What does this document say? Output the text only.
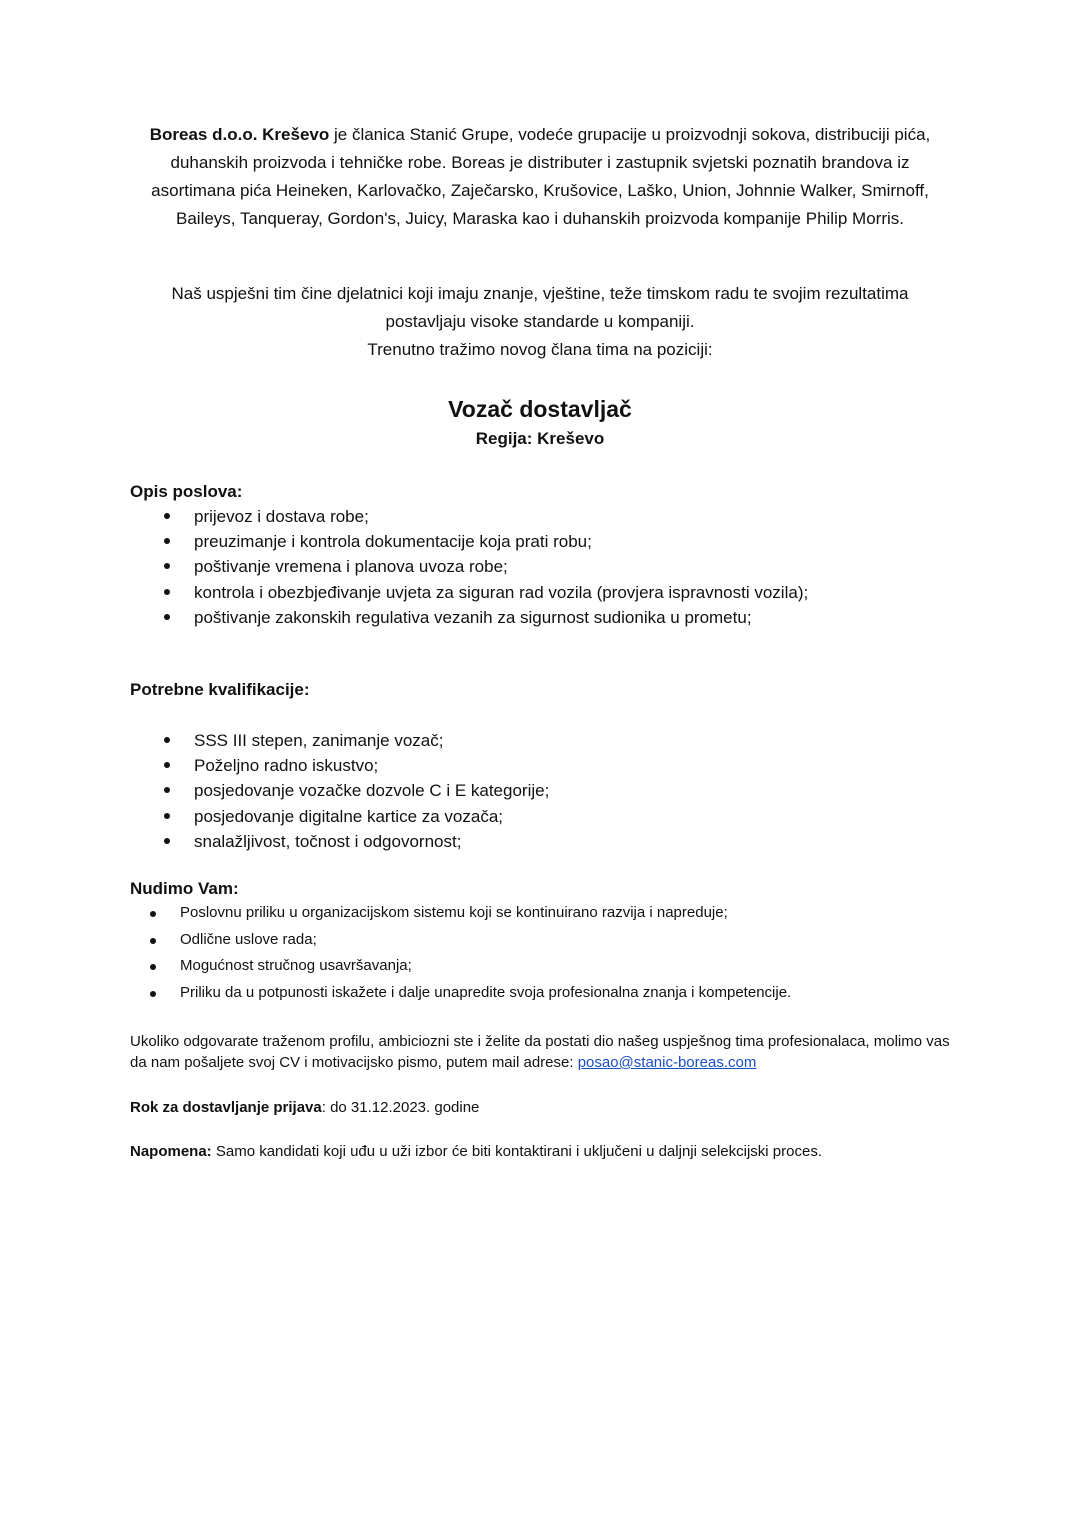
Boreas d.o.o. Kreševo je članica Stanić Grupe, vodeće grupacije u proizvodnji sokova, distribuciji pića, duhanskih proizvoda i tehničke robe. Boreas je distributer i zastupnik svjetski poznatih brandova iz asortimana pića Heineken, Karlovačko, Zaječarsko, Krušovice, Laško, Union, Johnnie Walker, Smirnoff, Baileys, Tanqueray, Gordon's, Juicy, Maraska kao i duhanskih proizvoda kompanije Philip Morris.
Naš uspješni tim čine djelatnici koji imaju znanje, vještine, teže timskom radu te svojim rezultatima postavljaju visoke standarde u kompaniji.
Trenutno tražimo novog člana tima na poziciji:
Vozač dostavljač
Regija: Kreševo
Opis poslova:
prijevoz i dostava robe;
preuzimanje i kontrola dokumentacije koja prati robu;
poštivanje vremena i planova uvoza robe;
kontrola i obezbjeđivanje uvjeta za siguran rad vozila (provjera ispravnosti vozila);
poštivanje zakonskih regulativa vezanih za sigurnost sudionika u prometu;
Potrebne kvalifikacije:
SSS III stepen, zanimanje vozač;
Poželjno radno iskustvo;
posjedovanje vozačke dozvole C i E kategorije;
posjedovanje digitalne kartice za vozača;
snalažljivost, točnost i odgovornost;
Nudimo Vam:
Poslovnu priliku u organizacijskom sistemu koji se kontinuirano razvija i napreduje;
Odlične uslove rada;
Mogućnost stručnog usavršavanja;
Priliku da u potpunosti iskažete i dalje unapredite svoja profesionalna znanja i kompetencije.
Ukoliko odgovarate traženom profilu, ambiciozni ste i želite da postati dio našeg uspješnog tima profesionalaca, molimo vas da nam pošaljete svoj CV i motivacijsko pismo, putem mail adrese: posao@stanic-boreas.com
Rok za dostavljanje prijava: do 31.12.2023. godine
Napomena: Samo kandidati koji uđu u uži izbor će biti kontaktirani i uključeni u daljnji selekcijski proces.
